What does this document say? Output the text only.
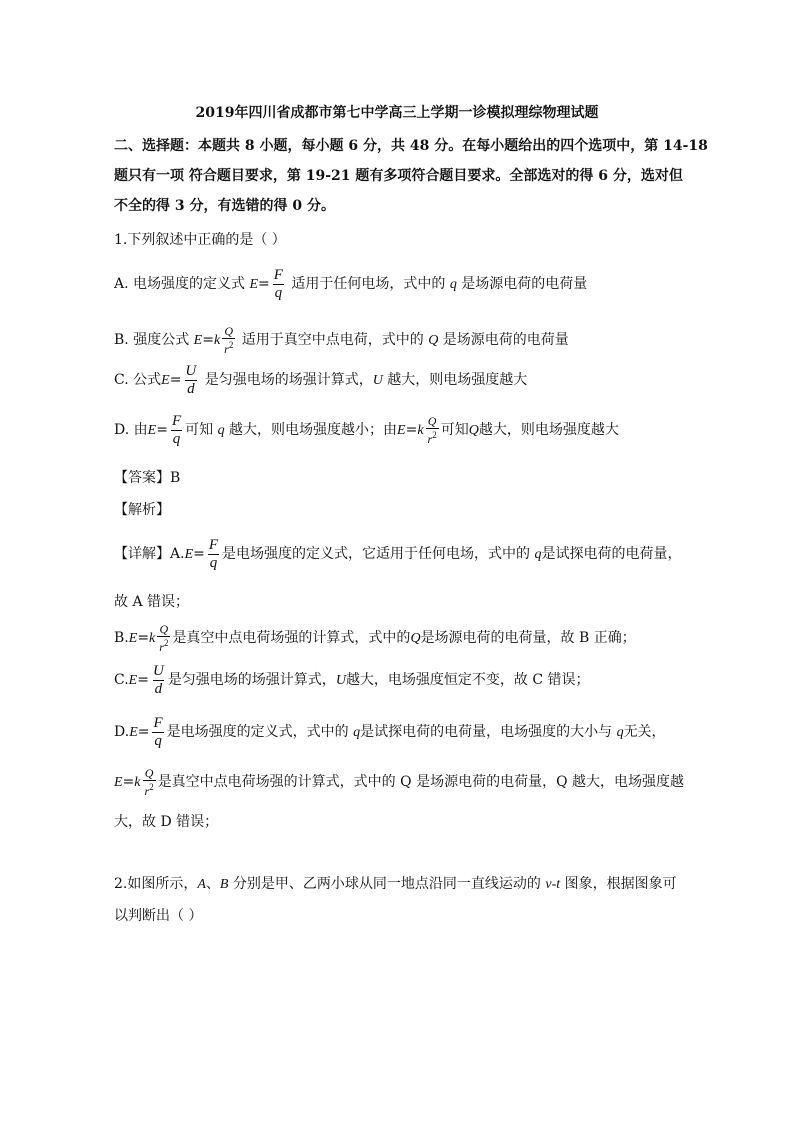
2019年四川省成都市第七中学高三上学期一诊模拟理综物理试题
二、选择题：本题共 8 小题，每小题 6 分，共 48 分。在每小题给出的四个选项中，第 14-18
题只有一项 符合题目要求，第 19-21 题有多项符合题目要求。全部选对的得 6 分，选对但
不全的得 3 分，有选错的得 0 分。
1.下列叙述中正确的是（ ）
A. 电场强度的定义式 $E= \frac{F}{q}$ 适用于任何电场，式中的 q 是场源电荷的电荷量
B. 强度公式 $E=k \frac{Q}{r^2}$ 适用于真空中点电荷，式中的 Q 是场源电荷的电荷量
C. 公式$E= \frac{U}{d}$ 是匀强电场的场强计算式，U 越大，则电场强度越大
D. 由$E= \frac{F}{q}$ 可知 q 越大，则电场强度越小；由$E=k \frac{Q}{r^2}$ 可知Q越大，则电场强度越大
【答案】B
【解析】
【详解】$A.E= \frac{F}{q}$ 是电场强度的定义式，它适用于任何电场，式中的 q是试探电荷的电荷量，
故 A 错误；
$B.E=k \frac{Q}{r^2}$ 是真空中点电荷场强的计算式，式中的Q是场源电荷的电荷量，故 B 正确；
$C.E= \frac{U}{d}$ 是匀强电场的场强计算式，U越大，电场强度恒定不变，故 C 错误；
$D.E= \frac{F}{q}$ 是电场强度的定义式，式中的 q是试探电荷的电荷量，电场强度的大小与 q无关，
$E=k \frac{Q}{r^2}$ 是真空中点电荷场强的计算式，式中的 Q 是场源电荷的电荷量，Q 越大，电场强度越
大，故 D 错误；
2.如图所示，A、B 分别是甲、乙两小球从同一地点沿同一直线运动的 v-t 图象，根据图象可
以判断出（ ）
